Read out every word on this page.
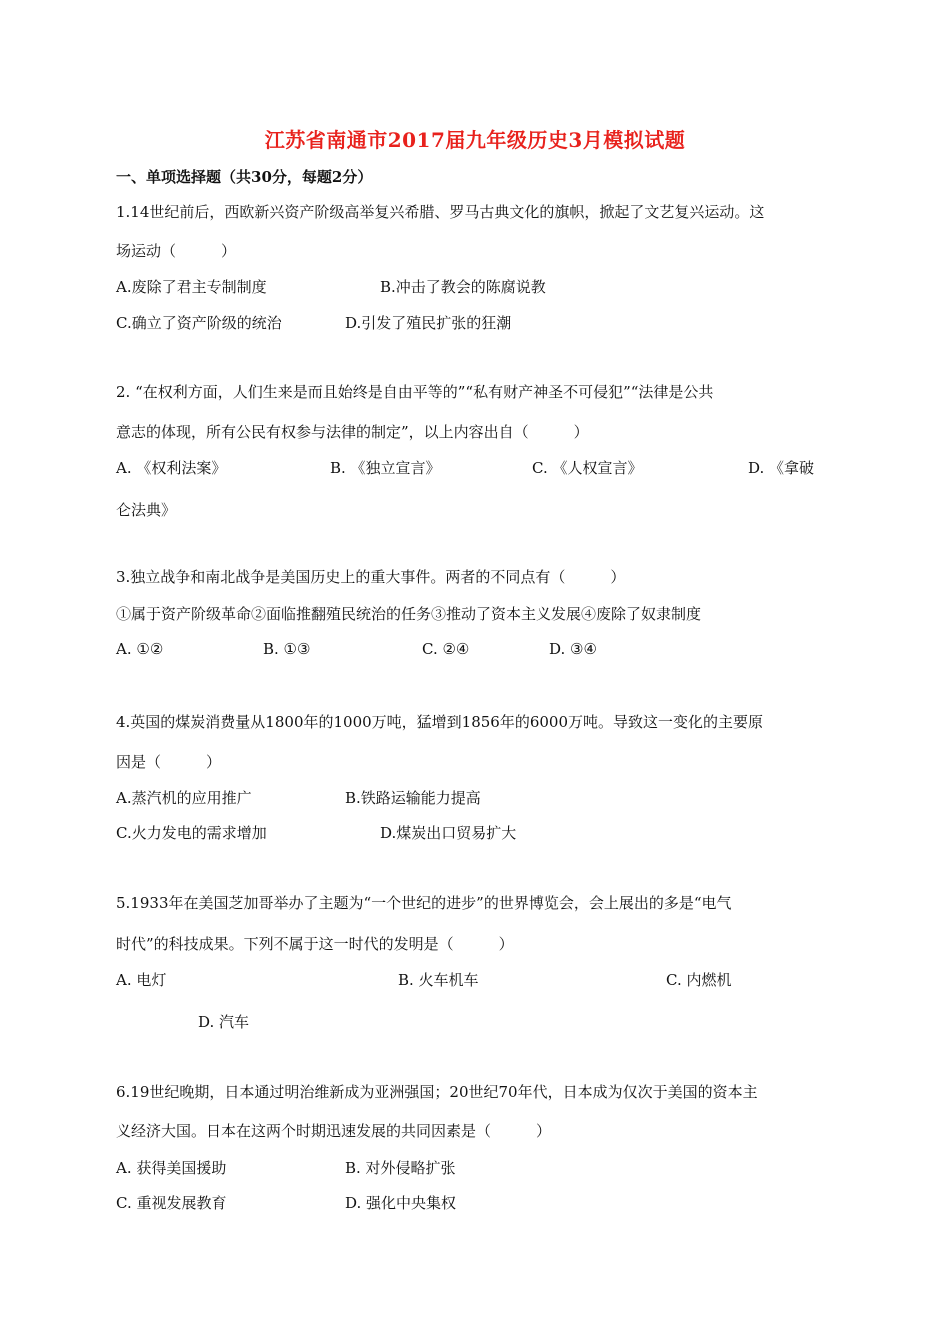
江苏省南通市2017届九年级历史3月模拟试题
一、单项选择题（共30分，每题2分）
1.14世纪前后，西欧新兴资产阶级高举复兴希腊、罗马古典文化的旗帜，掀起了文艺复兴运动。这
场运动（　　　）
A.废除了君主专制制度	B.冲击了教会的陈腐说教
C.确立了资产阶级的统治	D.引发了殖民扩张的狂潮
2. “在权利方面，人们生来是而且始终是自由平等的”“私有财产神圣不可侵犯”“法律是公共
意志的体现，所有公民有权参与法律的制定”，以上内容出自（　　　）
A. 《权利法案》	B. 《独立宣言》	C. 《人权宣言》	D. 《拿破
仑法典》
3.独立战争和南北战争是美国历史上的重大事件。两者的不同点有（　　　）
①属于资产阶级革命②面临推翻殖民统治的任务③推动了资本主义发展④废除了奴隶制度
A. ①②	B. ①③	C. ②④	D. ③④
4.英国的煤炭消费量从1800年的1000万吨，猛增到1856年的6000万吨。导致这一变化的主要原
因是（　　　）
A.蒸汽机的应用推广	B.铁路运输能力提高
C.火力发电的需求增加	D.煤炭出口贸易扩大
5.1933年在美国芝加哥举办了主题为“一个世纪的进步”的世界博览会，会上展出的多是“电气
时代”的科技成果。下列不属于这一时代的发明是（　　　）
A. 电灯	B. 火车机车	C. 内燃机
D. 汽车
6.19世纪晚期，日本通过明治维新成为亚洲强国；20世纪70年代，日本成为仅次于美国的资本主
义经济大国。日本在这两个时期迅速发展的共同因素是（　　　）
A. 获得美国援助	B. 对外侵略扩张
C. 重视发展教育	D. 强化中央集权
